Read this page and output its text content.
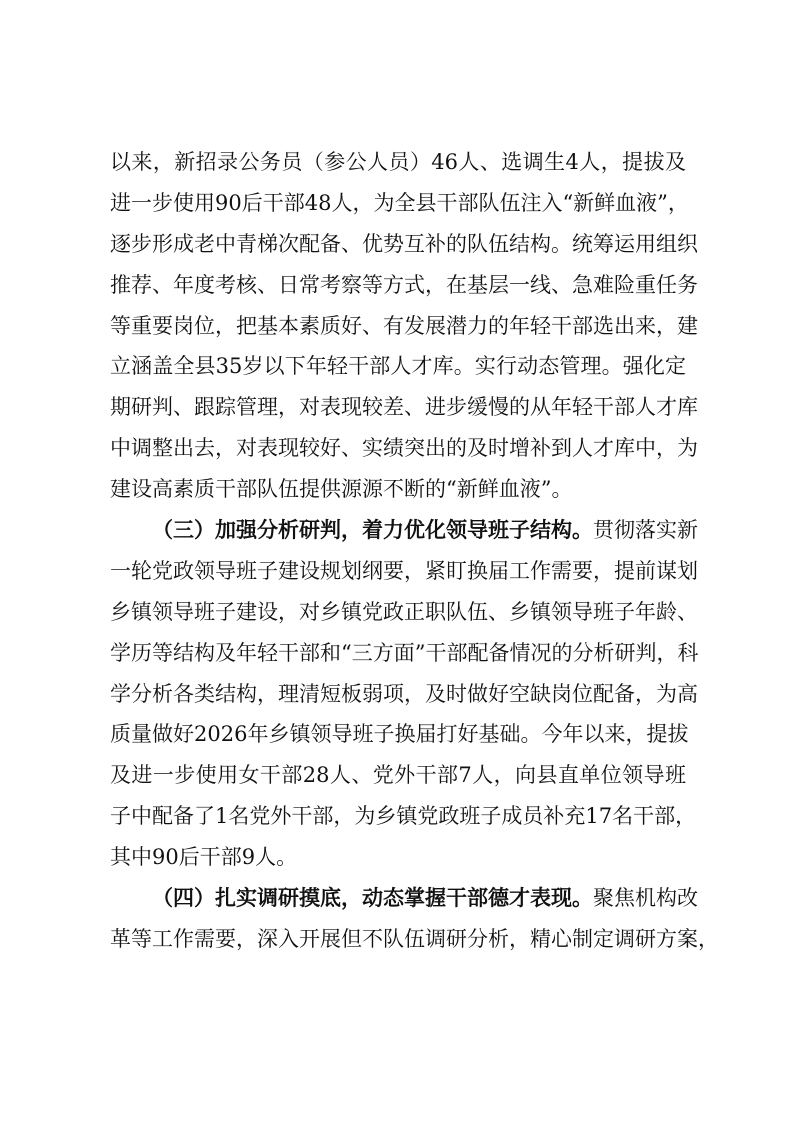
以来，新招录公务员（参公人员）46人、选调生4人，提拔及
进一步使用90后干部48人，为全县干部队伍注入“新鲜血液”，
逐步形成老中青梯次配备、优势互补的队伍结构。统筹运用组织
推荐、年度考核、日常考察等方式，在基层一线、急难险重任务
等重要岗位，把基本素质好、有发展潜力的年轻干部选出来，建
立涵盖全县35岁以下年轻干部人才库。实行动态管理。强化定
期研判、跟踪管理，对表现较差、进步缓慢的从年轻干部人才库
中调整出去，对表现较好、实绩突出的及时增补到人才库中，为
建设高素质干部队伍提供源源不断的“新鲜血液”。
（三）加强分析研判，着力优化领导班子结构。贯彻落实新
一轮党政领导班子建设规划纲要，紧盯换届工作需要，提前谋划
乡镇领导班子建设，对乡镇党政正职队伍、乡镇领导班子年龄、
学历等结构及年轻干部和“三方面”干部配备情况的分析研判，科
学分析各类结构，理清短板弱项，及时做好空缺岗位配备，为高
质量做好2026年乡镇领导班子换届打好基础。今年以来，提拔
及进一步使用女干部28人、党外干部7人，向县直单位领导班
子中配备了1名党外干部，为乡镇党政班子成员补充17名干部，
其中90后干部9人。
（四）扎实调研摸底，动态掌握干部德才表现。聚焦机构改
革等工作需要，深入开展但不队伍调研分析，精心制定调研方案，
